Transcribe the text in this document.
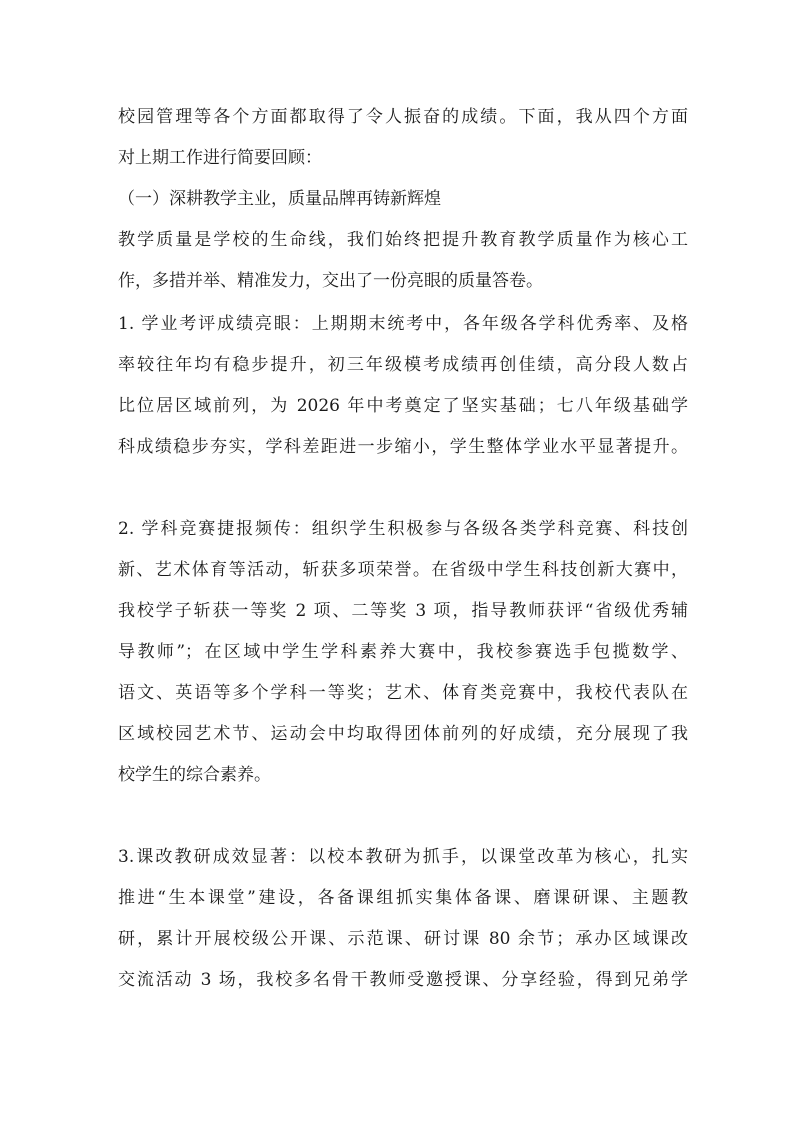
校园管理等各个方面都取得了令人振奋的成绩。下面，我从四个方面
对上期工作进行简要回顾：
（一）深耕教学主业，质量品牌再铸新辉煌
教学质量是学校的生命线，我们始终把提升教育教学质量作为核心工
作，多措并举、精准发力，交出了一份亮眼的质量答卷。
1. 学业考评成绩亮眼：上期期末统考中，各年级各学科优秀率、及格
率较往年均有稳步提升，初三年级模考成绩再创佳绩，高分段人数占
比位居区域前列，为 2026 年中考奠定了坚实基础；七八年级基础学
科成绩稳步夯实，学科差距进一步缩小，学生整体学业水平显著提升。
2. 学科竞赛捷报频传：组织学生积极参与各级各类学科竞赛、科技创
新、艺术体育等活动，斩获多项荣誉。在省级中学生科技创新大赛中，
我校学子斩获一等奖 2 项、二等奖 3 项，指导教师获评“省级优秀辅
导教师”；在区域中学生学科素养大赛中，我校参赛选手包揽数学、
语文、英语等多个学科一等奖；艺术、体育类竞赛中，我校代表队在
区域校园艺术节、运动会中均取得团体前列的好成绩，充分展现了我
校学生的综合素养。
3.课改教研成效显著：以校本教研为抓手，以课堂改革为核心，扎实
推进“生本课堂”建设，各备课组抓实集体备课、磨课研课、主题教
研，累计开展校级公开课、示范课、研讨课 80 余节；承办区域课改
交流活动 3 场，我校多名骨干教师受邀授课、分享经验，得到兄弟学
